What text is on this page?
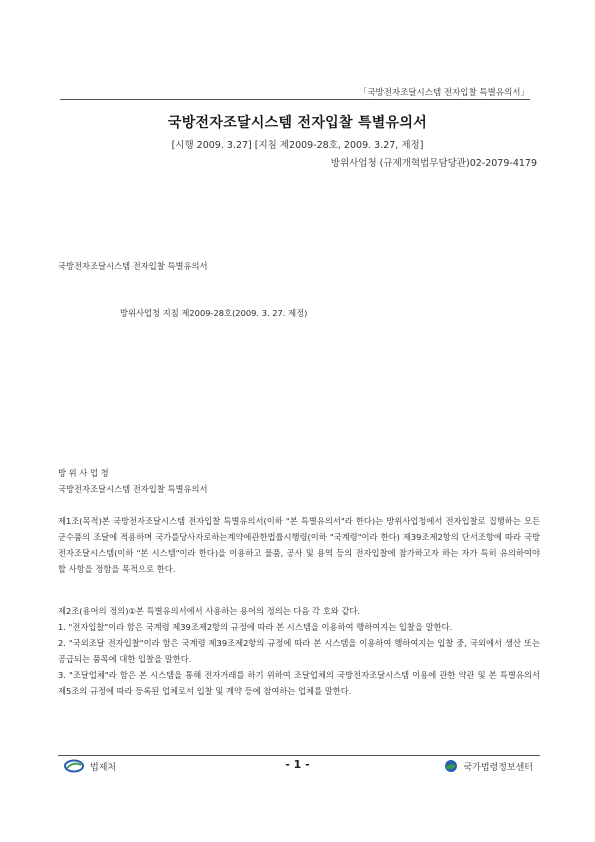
「국방전자조달시스템 전자입찰 특별유의서」
국방전자조달시스템 전자입찰 특별유의서
[시행 2009. 3.27] [지침 제2009-28호, 2009. 3.27, 제정]
방위사업청 (규제개혁법무담당관)02-2079-4179
국방전자조달시스템 전자입찰 특별유의서
방위사업청 지침 제2009-28호(2009. 3. 27. 제정)
방 위 사 업 청
국방전자조달시스템 전자입찰 특별유의서
제1조(목적)본 국방전자조달시스템 전자입찰 특별유의서(이하 "본 특별유의서"라 한다)는 방위사업청에서 전자입찰로 집행하는 모든 군수품의 조달에 적용하며 국가를당사자로하는계약에관한법률시행령(이하 "국계령"이라 한다) 제39조제2항의 단서조항에 따라 국방전자조달시스템(이하 "본 시스템"이라 한다)을 이용하고 물품, 공사 및 용역 등의 전자입찰에 참가하고자 하는 자가 특히 유의하여야 할 사항을 정함을 목적으로 한다.
제2조(용어의 정의)①본 특별유의서에서 사용하는 용어의 정의는 다음 각 호와 같다.

1. "전자입찰"이라 함은 국계령 제39조제2항의 규정에 따라 본 시스템을 이용하여 행하여지는 입찰을 말한다.

2. "국외조달 전자입찰"이라 함은 국계령 제39조제2항의 규정에 따라 본 시스템을 이용하여 행하여지는 입찰 중, 국외에서 생산 또는 공급되는 품목에 대한 입찰을 말한다.

3. "조달업체"라 함은 본 시스템을 통해 전자거래를 하기 위하여 조달업체의 국방전자조달시스템 이용에 관한 약관 및 본 특별유의서 제5조의 규정에 따라 등록된 업체로서 입찰 및 계약 등에 참여하는 업체를 말한다.

법제처	- 1 -	국가법령정보센터
